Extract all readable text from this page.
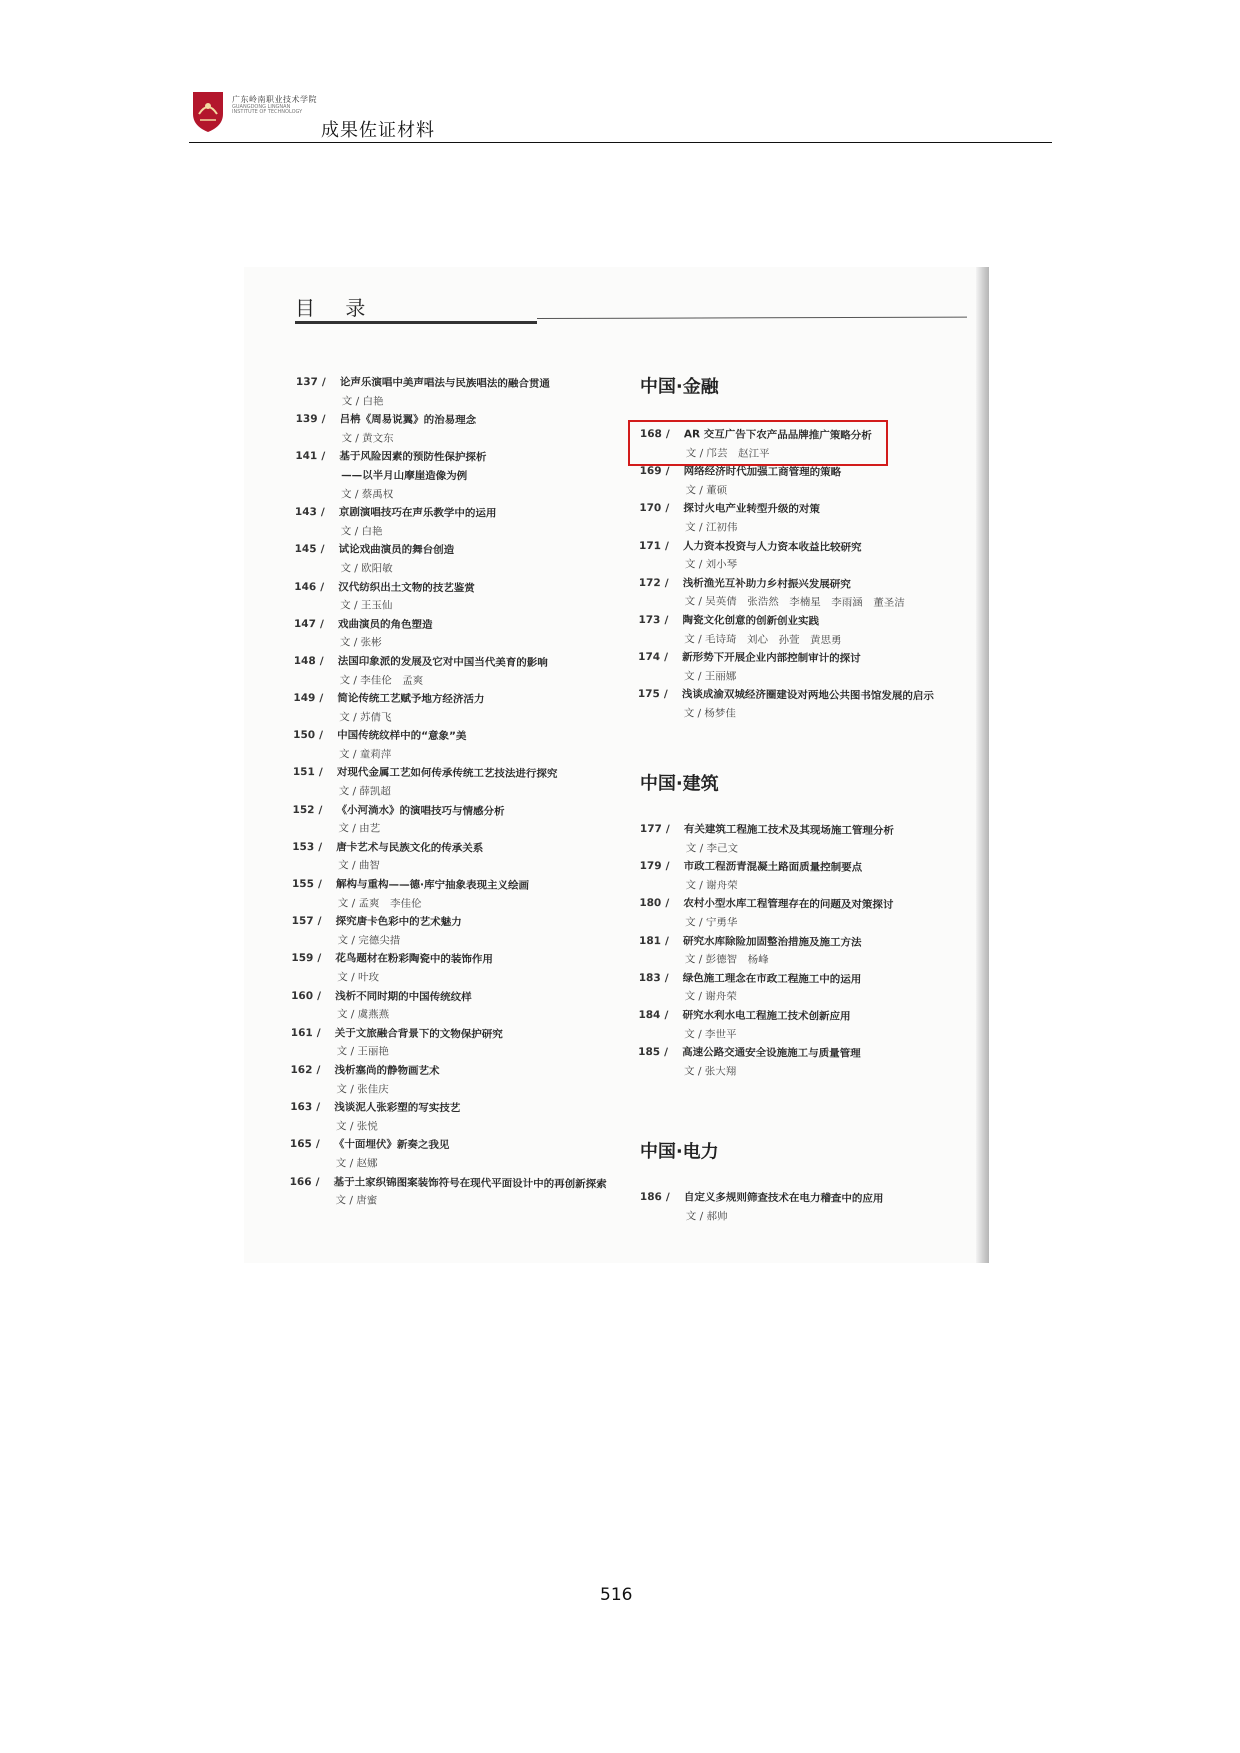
广东岭南职业技术学院
GUANGDONG LINGNAN
INSTITUTE OF TECHNOLOGY
成果佐证材料
目 录
137 / 论声乐演唱中美声唱法与民族唱法的融合贯通
文 / 白艳
139 / 吕柟《周易说翼》的治易理念
文 / 黄文东
141 / 基于风险因素的预防性保护探析
——以半月山摩崖造像为例
文 / 蔡禹权
143 / 京剧演唱技巧在声乐教学中的运用
文 / 白艳
145 / 试论戏曲演员的舞台创造
文 / 欧阳敏
146 / 汉代纺织出土文物的技艺鉴赏
文 / 王玉仙
147 / 戏曲演员的角色塑造
文 / 张彬
148 / 法国印象派的发展及它对中国当代美育的影响
文 / 李佳伦　孟爽
149 / 简论传统工艺赋予地方经济活力
文 / 苏倩飞
150 / 中国传统纹样中的“意象”美
文 / 童莉萍
151 / 对现代金属工艺如何传承传统工艺技法进行探究
文 / 薛凯超
152 / 《小河淌水》的演唱技巧与情感分析
文 / 由艺
153 / 唐卡艺术与民族文化的传承关系
文 / 曲智
155 / 解构与重构——德·库宁抽象表现主义绘画
文 / 孟爽　李佳伦
157 / 探究唐卡色彩中的艺术魅力
文 / 完德尖措
159 / 花鸟题材在粉彩陶瓷中的装饰作用
文 / 叶玫
160 / 浅析不同时期的中国传统纹样
文 / 虞燕燕
161 / 关于文旅融合背景下的文物保护研究
文 / 王丽艳
162 / 浅析塞尚的静物画艺术
文 / 张佳庆
163 / 浅谈泥人张彩塑的写实技艺
文 / 张悦
165 / 《十面埋伏》新奏之我见
文 / 赵娜
166 / 基于土家织锦图案装饰符号在现代平面设计中的再创新探索
文 / 唐蜜
中国·金融
168 / AR 交互广告下农产品品牌推广策略分析
文 / 邝芸　赵江平
169 / 网络经济时代加强工商管理的策略
文 / 董硕
170 / 探讨火电产业转型升级的对策
文 / 江初伟
171 / 人力资本投资与人力资本收益比较研究
文 / 刘小琴
172 / 浅析渔光互补助力乡村振兴发展研究
文 / 吴英倩　张浩然　李楠星　李雨涵　董圣洁
173 / 陶瓷文化创意的创新创业实践
文 / 毛诗琦　刘心　孙萱　黄思勇
174 / 新形势下开展企业内部控制审计的探讨
文 / 王丽娜
175 / 浅谈成渝双城经济圈建设对两地公共图书馆发展的启示
文 / 杨梦佳
中国·建筑
177 / 有关建筑工程施工技术及其现场施工管理分析
文 / 李己文
179 / 市政工程沥青混凝土路面质量控制要点
文 / 谢舟荣
180 / 农村小型水库工程管理存在的问题及对策探讨
文 / 宁勇华
181 / 研究水库除险加固整治措施及施工方法
文 / 彭德智　杨峰
183 / 绿色施工理念在市政工程施工中的运用
文 / 谢舟荣
184 / 研究水利水电工程施工技术创新应用
文 / 李世平
185 / 高速公路交通安全设施施工与质量管理
文 / 张大翔
中国·电力
186 / 自定义多规则筛查技术在电力稽查中的应用
文 / 郝帅
516
